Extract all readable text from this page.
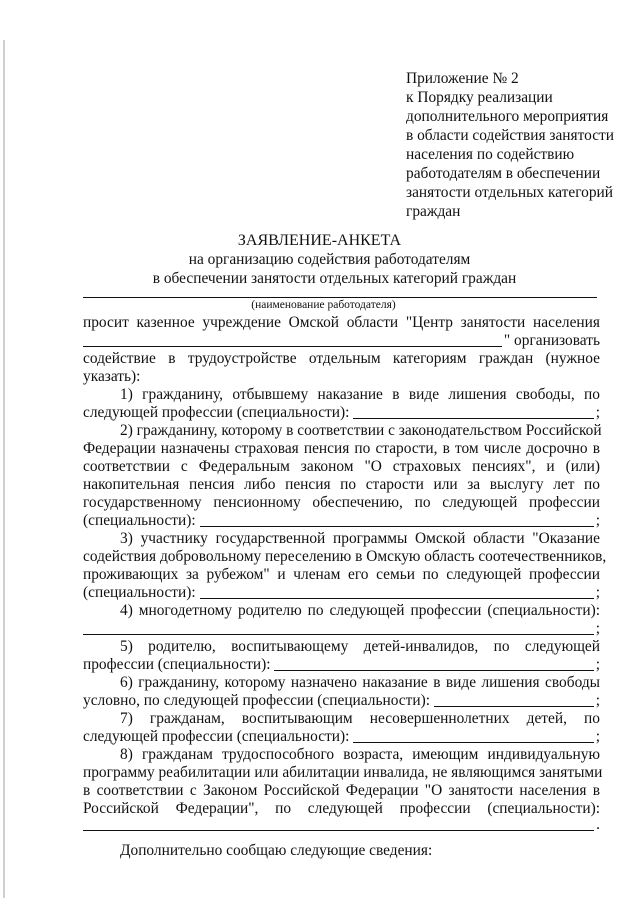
Приложение № 2
к Порядку реализации
дополнительного мероприятия
в области содействия занятости
населения по содействию
работодателям в обеспечении
занятости отдельных категорий
граждан
ЗАЯВЛЕНИЕ-АНКЕТА
на организацию содействия работодателям
в обеспечении занятости отдельных категорий граждан
(наименование работодателя)
просит казенное учреждение Омской области "Центр занятости населения
" организовать
содействие в трудоустройстве отдельным категориям граждан (нужное
указать):
1) гражданину, отбывшему наказание в виде лишения свободы, по
следующей профессии (специальности):	;
2) гражданину, которому в соответствии с законодательством Российской
Федерации назначены страховая пенсия по старости, в том числе досрочно в
соответствии с Федеральным законом "О страховых пенсиях", и (или)
накопительная пенсия либо пенсия по старости или за выслугу лет по
государственному пенсионному обеспечению, по следующей профессии
(специальности):	;
3) участнику государственной программы Омской области "Оказание
содействия добровольному переселению в Омскую область соотечественников,
проживающих за рубежом" и членам его семьи по следующей профессии
(специальности):	;
4) многодетному родителю по следующей профессии (специальности):
;
5) родителю, воспитывающему детей-инвалидов, по следующей
профессии (специальности):	;
6) гражданину, которому назначено наказание в виде лишения свободы
условно, по следующей профессии (специальности):	;
7) гражданам, воспитывающим несовершеннолетних детей, по
следующей профессии (специальности):	;
8) гражданам трудоспособного возраста, имеющим индивидуальную
программу реабилитации или абилитации инвалида, не являющимся занятыми
в соответствии с Законом Российской Федерации "О занятости населения в
Российской Федерации", по следующей профессии (специальности):
.
Дополнительно сообщаю следующие сведения:
